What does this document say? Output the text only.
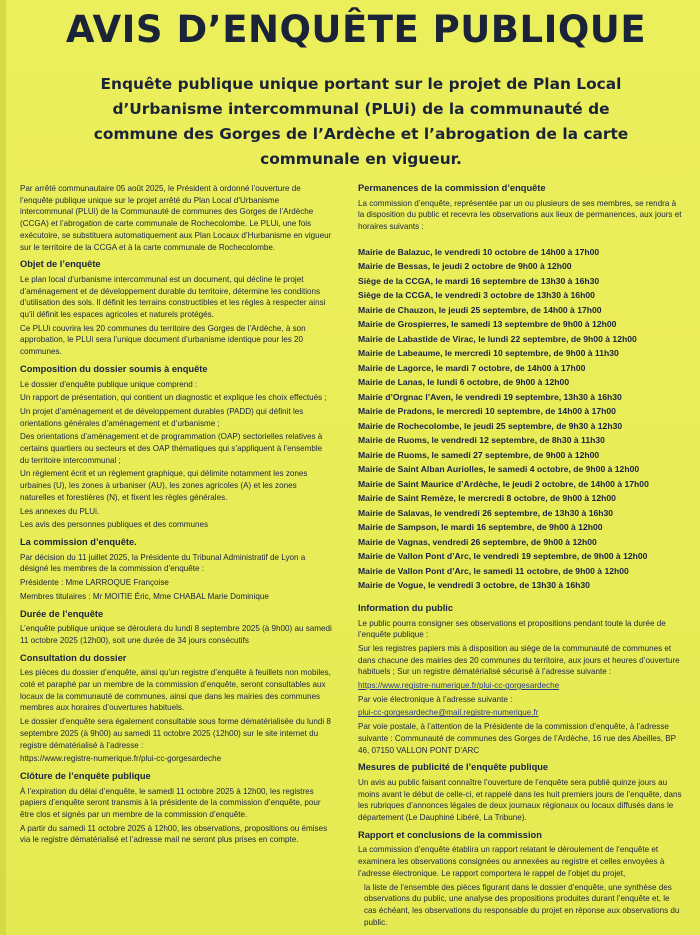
AVIS D’ENQUÊTE PUBLIQUE
Enquête publique unique portant sur le projet de Plan Local
d’Urbanisme intercommunal (PLUi) de la communauté de
commune des Gorges de l’Ardèche et l’abrogation de la carte
communale en vigueur.
Par arrêté communautaire 05 août 2025, le Président à ordonné l’ouverture de l’enquête publique unique sur le projet arrêté du Plan Local d’Urbanisme intercommunal (PLUi) de la Communauté de communes des Gorges de l’Ardèche (CCGA) et l’abrogation de carte communale de Rochecolombe. Le PLUi, une fois exécutoire, se substituera automatiquement aux Plan Locaux d’Hurbanisme en vigueur sur le territoire de la CCGA et à la carte communale de Rochecolombe.
Objet de l’enquête
Le plan local d’urbanisme intercommunal est un document, qui décline le projet d’aménagement et de développement durable du territoire, détermine les conditions d’utilisation des sols. Il définit les terrains constructibles et les règles à respecter ainsi qu’il définit les espaces agricoles et naturels protégés.
Ce PLUi couvrira les 20 communes du territoire des Gorges de l’Ardèche, à son approbation, le PLUi sera l’unique document d’urbanisme identique pour les 20 communes.
Composition du dossier soumis à enquête
Le dossier d’enquête publique unique comprend :
Un rapport de présentation, qui contient un diagnostic et explique les choix effectués ;
Un projet d’aménagement et de développement durables (PADD) qui définit les orientations générales d’aménagement et d’urbanisme ;
Des orientations d’aménagement et de programmation (OAP) sectorielles relatives à certains quartiers ou secteurs et des OAP thématiques qui s’appliquent à l’ensemble du territoire intercommunal ;
Un règlement écrit et un règlement graphique, qui délimite notamment les zones urbaines (U), les zones à urbaniser (AU), les zones agricoles (A) et les zones naturelles et forestières (N), et fixent les règles générales.
Les annexes du PLUi.
Les avis des personnes publiques et des communes
La commission d’enquête.
Par décision du 11 juillet 2025, la Présidente du Tribunal Administratif de Lyon a désigné les membres de la commission d’enquête :
Présidente : Mme LARROQUE Françoise
Membres titulaires : Mr MOITIE Éric, Mme CHABAL Marie Dominique
Durée de l’enquête
L’enquête publique unique se déroulera du lundi 8 septembre 2025 (à 9h00) au samedi 11 octobre 2025 (12h00), soit une durée de 34 jours consécutifs
Consultation du dossier
Les pièces du dossier d’enquête, ainsi qu’un registre d’enquête à feuillets non mobiles, coté et paraphé par un membre de la commission d’enquête, seront consultables aux locaux de la communauté de communes, ainsi que dans les mairies des communes membres aux horaires d’ouvertures habituels.
Le dossier d’enquête sera également consultable sous forme dématérialisée du lundi 8 septembre 2025 (à 9h00) au samedi 11 octobre 2025 (12h00) sur le site internet du registre dématérialisé à l’adresse :
https://www.registre-numerique.fr/plui-cc-gorgesardeche
Clôture de l’enquête publique
À l’expiration du délai d’enquête, le samedi 11 octobre 2025 à 12h00, les registres papiers d’enquête seront transmis à la présidente de la commission d’enquête, pour être clos et signés par un membre de la commission d’enquête.
A partir du samedi 11 octobre 2025 à 12h00, les observations, propositions ou émises via le registre dématérialisé et l’adresse mail ne seront plus prises en compte.
Permanences de la commission d’enquête
La commission d’enquête, représentée par un ou plusieurs de ses membres, se rendra à la disposition du public et recevra les observations aux lieux de permanences, aux jours et horaires suivants :
Mairie de Balazuc, le vendredi 10 octobre de 14h00 à 17h00
Mairie de Bessas, le jeudi 2 octobre de 9h00 à 12h00
Siège de la CCGA, le mardi 16 septembre de 13h30 à 16h30
Siège de la CCGA, le vendredi 3 octobre de 13h30 à 16h00
Mairie de Chauzon, le jeudi 25 septembre, de 14h00 à 17h00
Mairie de Grospierres, le samedi 13 septembre de 9h00 à 12h00
Mairie de Labastide de Virac, le lundi 22 septembre, de 9h00 à 12h00
Mairie de Labeaume, le mercredi 10 septembre, de 9h00 à 11h30
Mairie de Lagorce, le mardi 7 octobre, de 14h00 à 17h00
Mairie de Lanas, le lundi 6 octobre, de 9h00 à 12h00
Mairie d’Orgnac l’Aven, le vendredi 19 septembre, 13h30 à 16h30
Mairie de Pradons, le mercredi 10 septembre, de 14h00 à 17h00
Mairie de Rochecolombe, le jeudi 25 septembre, de 9h30 à 12h30
Mairie de Ruoms, le vendredi 12 septembre, de 8h30 à 11h30
Mairie de Ruoms, le samedi 27 septembre, de 9h00 à 12h00
Mairie de Saint Alban Auriolles, le samedi 4 octobre, de 9h00 à 12h00
Mairie de Saint Maurice d’Ardèche, le jeudi 2 octobre, de 14h00 à 17h00
Mairie de Saint Remèze, le mercredi 8 octobre, de 9h00 à 12h00
Mairie de Salavas, le vendredi 26 septembre, de 13h30 à 16h30
Mairie de Sampson, le mardi 16 septembre, de 9h00 à 12h00
Mairie de Vagnas, vendredi 26 septembre, de 9h00 à 12h00
Mairie de Vallon Pont d’Arc, le vendredi 19 septembre, de 9h00 à 12h00
Mairie de Vallon Pont d’Arc, le samedi 11 octobre, de 9h00 à 12h00
Mairie de Vogue, le vendredi 3 octobre, de 13h30 à 16h30
Information du public
Le public pourra consigner ses observations et propositions pendant toute la durée de l’enquête publique :
Sur les registres papiers mis à disposition au siège de la communauté de communes et dans chacune des mairies des 20 communes du territoire, aux jours et heures d’ouverture habituels ; Sur un registre dématérialisé sécurisé à l’adresse suivante :
https://www.registre-numerique.fr/plui-cc-gorgesardeche
Par voie électronique à l’adresse suivante :
plui-cc-gorgesardeche@mail.registre-numerique.fr
Par voie postale, à l’attention de la Présidente de la commission d’enquête, à l’adresse suivante : Communauté de communes des Gorges de l’Ardèche, 16 rue des Abeilles, BP 46, 07150 VALLON PONT D’ARC
Mesures de publicité de l’enquête publique
Un avis au public faisant connaître l’ouverture de l’enquête sera publié quinze jours au moins avant le début de celle-ci, et rappelé dans les huit premiers jours de l’enquête, dans les rubriques d’annonces légales de deux journaux régionaux ou locaux diffusés dans le département (Le Dauphiné Libéré, La Tribune).
Rapport et conclusions de la commission
La commission d’enquête établira un rapport relatant le déroulement de l’enquête et examinera les observations consignées ou annexées au registre et celles envoyées à l’adresse électronique. Le rapport comportera le rappel de l’objet du projet,
la liste de l’ensemble des pièces figurant dans le dossier d’enquête, une synthèse des observations du public, une analyse des propositions produites durant l’enquête et, le cas échéant, les observations du responsable du projet en réponse aux observations du public.
